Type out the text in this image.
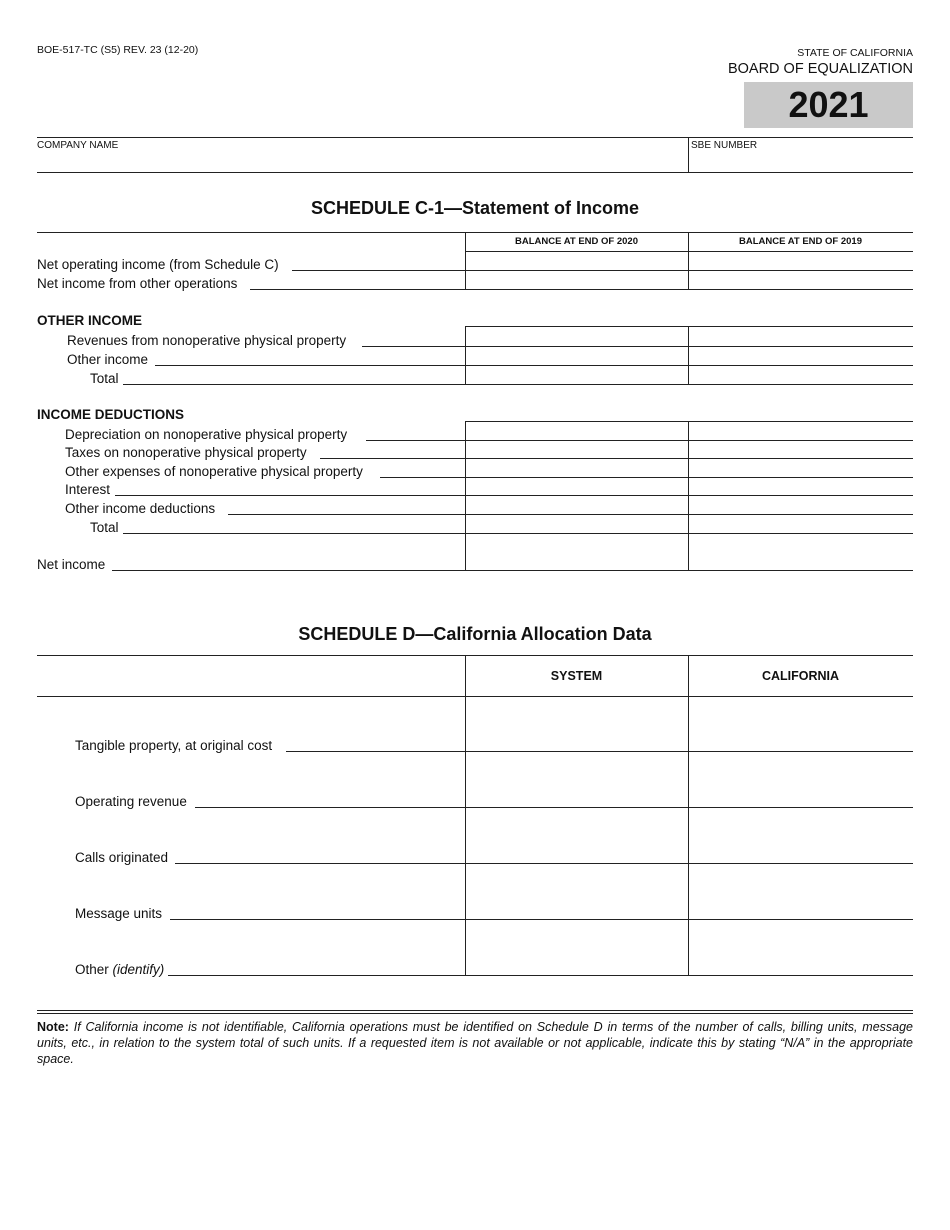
BOE-517-TC (S5) REV. 23 (12-20)	STATE OF CALIFORNIA
BOARD OF EQUALIZATION
2021
COMPANY NAME	SBE NUMBER
SCHEDULE C-1—Statement of Income
BALANCE AT END OF 2020	BALANCE AT END OF 2019
Net operating income (from Schedule C)
Net income from other operations
OTHER INCOME
Revenues from nonoperative physical property
Other income
Total
INCOME DEDUCTIONS
Depreciation on nonoperative physical property
Taxes on nonoperative physical property
Other expenses of nonoperative physical property
Interest
Other income deductions
Total
Net income
SCHEDULE D—California Allocation Data
SYSTEM	CALIFORNIA
Tangible property, at original cost
Operating revenue
Calls originated
Message units
Other (identify)
Note: If California income is not identifiable, California operations must be identified on Schedule D in terms of the number of calls, billing units, message units, etc., in relation to the system total of such units. If a requested item is not available or not applicable, indicate this by stating “N/A” in the appropriate space.
